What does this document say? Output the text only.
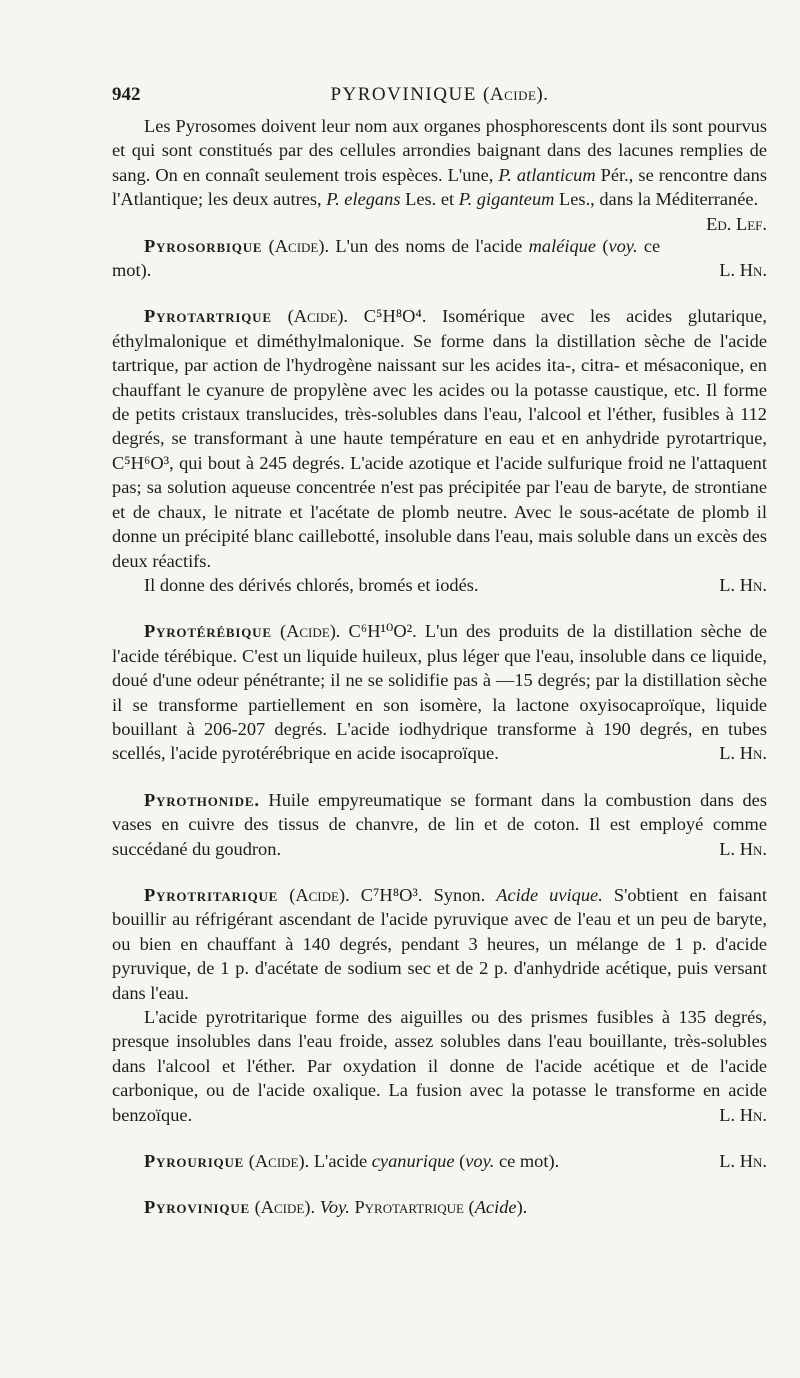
942	PYROVINIQUE (Acide).

Les Pyrosomes doivent leur nom aux organes phosphorescents dont ils sont pourvus et qui sont constitués par des cellules arrondies baignant dans des lacunes remplies de sang. On en connaît seulement trois espèces. L'une, P. atlanticum Pér., se rencontre dans l'Atlantique; les deux autres, P. elegans Les. et P. giganteum Les., dans la Méditerranée.
Ed. Lef.

Pyrosorbique (Acide). L'un des noms de l'acide maléique (voy. ce mot).	L. Hn.

Pyrotartrique (Acide). C⁵H⁸O⁴. Isomérique avec les acides glutarique, éthylmalonique et diméthylmalonique. Se forme dans la distillation sèche de l'acide tartrique, par action de l'hydrogène naissant sur les acides ita-, citra- et mésaconique, en chauffant le cyanure de propylène avec les acides ou la potasse caustique, etc. Il forme de petits cristaux translucides, très-solubles dans l'eau, l'alcool et l'éther, fusibles à 112 degrés, se transformant à une haute température en eau et en anhydride pyrotartrique, C⁵H⁶O³, qui bout à 245 degrés. L'acide azotique et l'acide sulfurique froid ne l'attaquent pas; sa solution aqueuse concentrée n'est pas précipitée par l'eau de baryte, de strontiane et de chaux, le nitrate et l'acétate de plomb neutre. Avec le sous-acétate de plomb il donne un précipité blanc caillebotté, insoluble dans l'eau, mais soluble dans un excès des deux réactifs.

Il donne des dérivés chlorés, bromés et iodés.	L. Hn.

Pyrotérébique (Acide). C⁶H¹⁰O². L'un des produits de la distillation sèche de l'acide térébique. C'est un liquide huileux, plus léger que l'eau, insoluble dans ce liquide, doué d'une odeur pénétrante; il ne se solidifie pas à —15 degrés; par la distillation sèche il se transforme partiellement en son isomère, la lactone oxyisocaproïque, liquide bouillant à 206-207 degrés. L'acide iodhydrique transforme à 190 degrés, en tubes scellés, l'acide pyrotérébrique en acide isocaproïque.	L. Hn.

Pyrothonide. Huile empyreumatique se formant dans la combustion dans des vases en cuivre des tissus de chanvre, de lin et de coton. Il est employé comme succédané du goudron.	L. Hn.

Pyrotritarique (Acide). C⁷H⁸O³. Synon. Acide uvique. S'obtient en faisant bouillir au réfrigérant ascendant de l'acide pyruvique avec de l'eau et un peu de baryte, ou bien en chauffant à 140 degrés, pendant 3 heures, un mélange de 1 p. d'acide pyruvique, de 1 p. d'acétate de sodium sec et de 2 p. d'anhydride acétique, puis versant dans l'eau.

L'acide pyrotritarique forme des aiguilles ou des prismes fusibles à 135 degrés, presque insolubles dans l'eau froide, assez solubles dans l'eau bouillante, très-solubles dans l'alcool et l'éther. Par oxydation il donne de l'acide acétique et de l'acide carbonique, ou de l'acide oxalique. La fusion avec la potasse le transforme en acide benzoïque.	L. Hn.

Pyrourique (Acide). L'acide cyanurique (voy. ce mot).	L. Hn.

Pyrovinique (Acide). Voy. Pyrotartrique (Acide).
